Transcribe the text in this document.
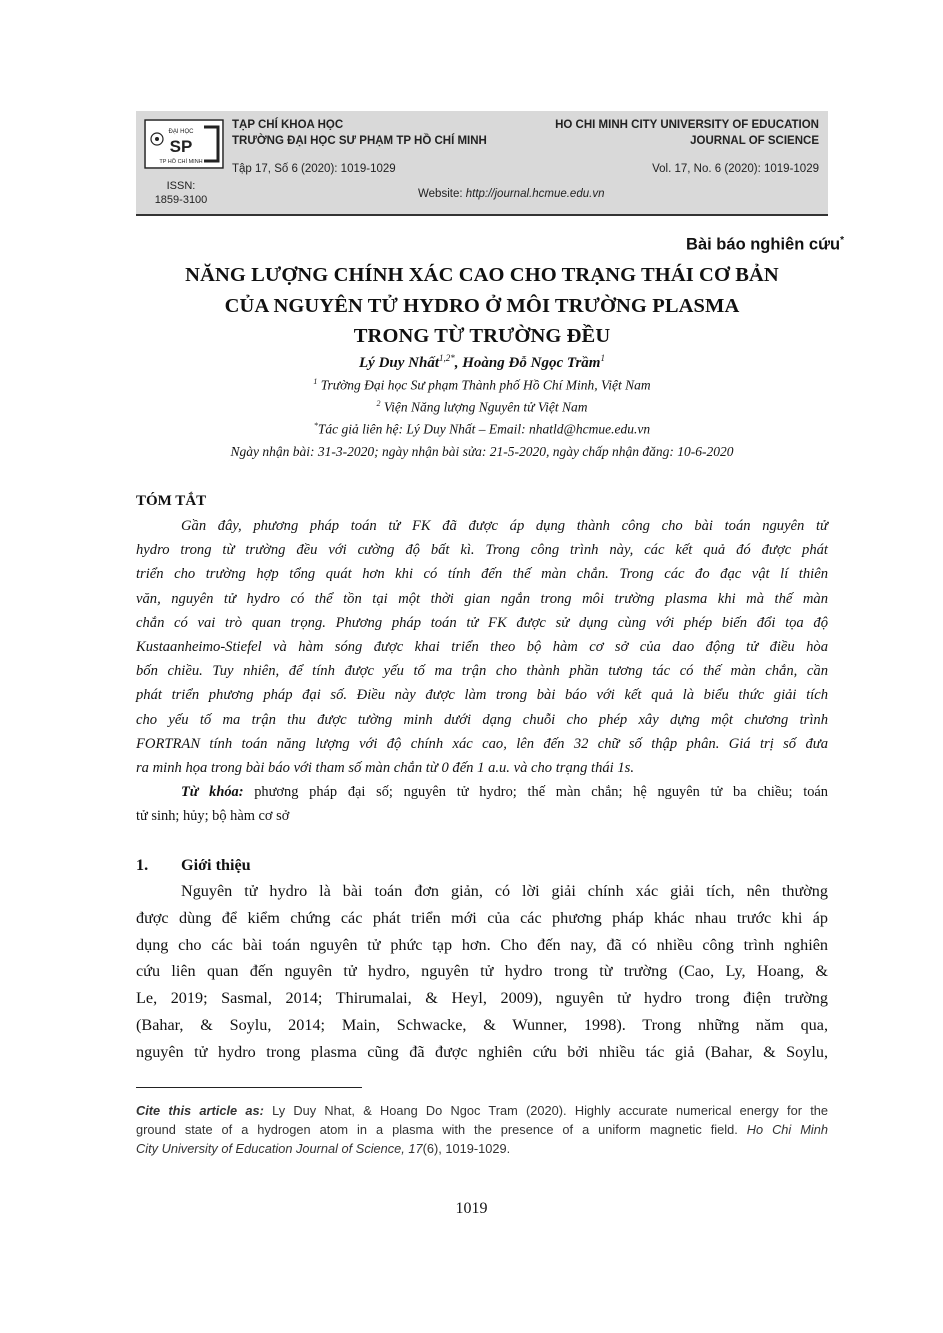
ĐẠI HỌC
SP
TP HỒ CHÍ MINH
TẠP CHÍ KHOA HỌC
TRƯỜNG ĐẠI HỌC SƯ PHẠM TP HỒ CHÍ MINH
Tập 17, Số 6 (2020): 1019-1029
HO CHI MINH CITY UNIVERSITY OF EDUCATION
JOURNAL OF SCIENCE
Vol. 17, No. 6 (2020): 1019-1029
ISSN:
1859-3100	Website: http://journal.hcmue.edu.vn
Bài báo nghiên cứu*
NĂNG LƯỢNG CHÍNH XÁC CAO CHO TRẠNG THÁI CƠ BẢN
CỦA NGUYÊN TỬ HYDRO Ở MÔI TRƯỜNG PLASMA
TRONG TỪ TRƯỜNG ĐỀU
Lý Duy Nhất$^{1,2*}$, Hoàng Đỗ Ngọc Trầm$^1$
$^1$ Trường Đại học Sư phạm Thành phố Hồ Chí Minh, Việt Nam
$^2$ Viện Năng lượng Nguyên tử Việt Nam
*Tác giả liên hệ: Lý Duy Nhất – Email: nhatld@hcmue.edu.vn
Ngày nhận bài: 31-3-2020; ngày nhận bài sửa: 21-5-2020, ngày chấp nhận đăng: 10-6-2020
TÓM TẮT
Gần đây, phương pháp toán tử FK đã được áp dụng thành công cho bài toán nguyên tử
hydro trong từ trường đều với cường độ bất kì. Trong công trình này, các kết quả đó được phát
triển cho trường hợp tổng quát hơn khi có tính đến thế màn chắn. Trong các đo đạc vật lí thiên
văn, nguyên tử hydro có thể tồn tại một thời gian ngắn trong môi trường plasma khi mà thế màn
chắn có vai trò quan trọng. Phương pháp toán tử FK được sử dụng cùng với phép biến đổi tọa độ
Kustaanheimo-Stiefel và hàm sóng được khai triển theo bộ hàm cơ sở của dao động tử điều hòa
bốn chiều. Tuy nhiên, để tính được yếu tố ma trận cho thành phần tương tác có thế màn chắn, cần
phát triển phương pháp đại số. Điều này được làm trong bài báo với kết quả là biểu thức giải tích
cho yếu tố ma trận thu được tường minh dưới dạng chuỗi cho phép xây dựng một chương trình
FORTRAN tính toán năng lượng với độ chính xác cao, lên đến 32 chữ số thập phân. Giá trị số đưa
ra minh họa trong bài báo với tham số màn chắn từ 0 đến 1 a.u. và cho trạng thái 1s.
Từ khóa: phương pháp đại số; nguyên tử hydro; thế màn chắn; hệ nguyên tử ba chiều; toán
tử sinh; hủy; bộ hàm cơ sở
1. Giới thiệu
Nguyên tử hydro là bài toán đơn giản, có lời giải chính xác giải tích, nên thường
được dùng để kiểm chứng các phát triển mới của các phương pháp khác nhau trước khi áp
dụng cho các bài toán nguyên tử phức tạp hơn. Cho đến nay, đã có nhiều công trình nghiên
cứu liên quan đến nguyên tử hydro, nguyên tử hydro trong từ trường (Cao, Ly, Hoang, &
Le, 2019; Sasmal, 2014; Thirumalai, & Heyl, 2009), nguyên tử hydro trong điện trường
(Bahar, & Soylu, 2014; Main, Schwacke, & Wunner, 1998). Trong những năm qua,
nguyên tử hydro trong plasma cũng đã được nghiên cứu bởi nhiều tác giả (Bahar, & Soylu,
Cite this article as: Ly Duy Nhat, & Hoang Do Ngoc Tram (2020). Highly accurate numerical energy for the
ground state of a hydrogen atom in a plasma with the presence of a uniform magnetic field. Ho Chi Minh
City University of Education Journal of Science, 17(6), 1019-1029.
1019
